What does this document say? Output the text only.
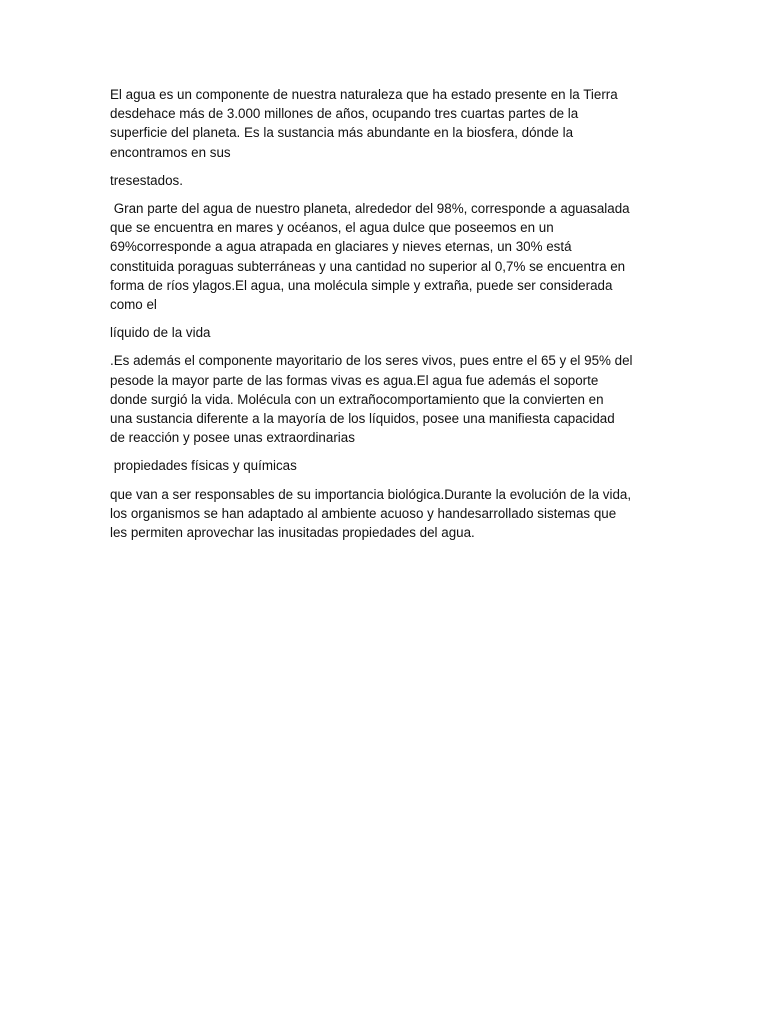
El agua es un componente de nuestra naturaleza que ha estado presente en la Tierra
desdehace más de 3.000 millones de años, ocupando tres cuartas partes de la
superficie del planeta. Es la sustancia más abundante en la biosfera, dónde la
encontramos en sus

tresestados.

Gran parte del agua de nuestro planeta, alrededor del 98%, corresponde a aguasalada
que se encuentra en mares y océanos, el agua dulce que poseemos en un
69%corresponde a agua atrapada en glaciares y nieves eternas, un 30% está
constituida poraguas subterráneas y una cantidad no superior al 0,7% se encuentra en
forma de ríos ylagos.El agua, una molécula simple y extraña, puede ser considerada
como el

líquido de la vida

.Es además el componente mayoritario de los seres vivos, pues entre el 65 y el 95% del
pesode la mayor parte de las formas vivas es agua.El agua fue además el soporte
donde surgió la vida. Molécula con un extrañocomportamiento que la convierten en
una sustancia diferente a la mayoría de los líquidos, posee una manifiesta capacidad
de reacción y posee unas extraordinarias

propiedades físicas y químicas

que van a ser responsables de su importancia biológica.Durante la evolución de la vida,
los organismos se han adaptado al ambiente acuoso y handesarrollado sistemas que
les permiten aprovechar las inusitadas propiedades del agua.
